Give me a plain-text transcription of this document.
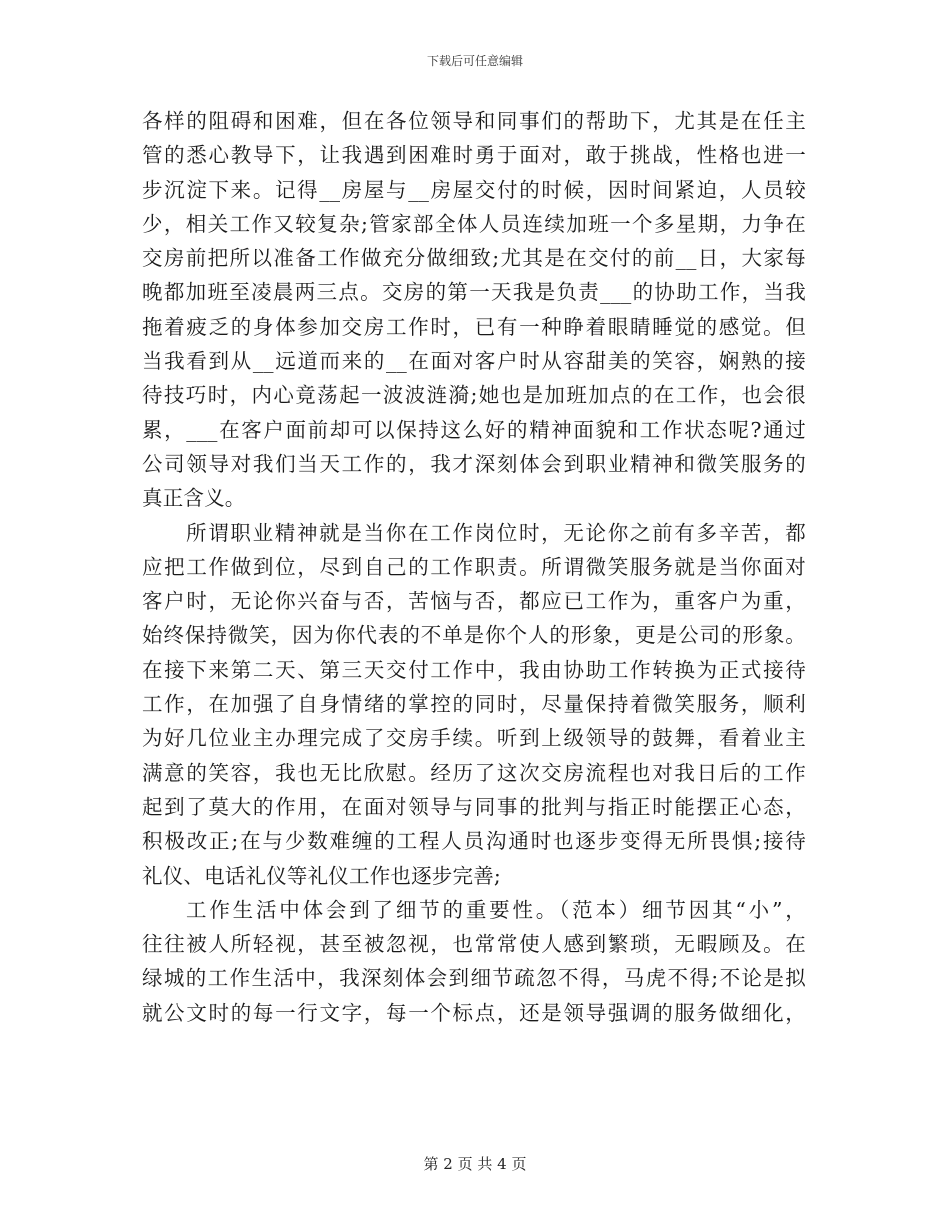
下载后可任意编辑
各样的阻碍和困难，但在各位领导和同事们的帮助下，尤其是在任主
管的悉心教导下，让我遇到困难时勇于面对，敢于挑战，性格也进一
步沉淀下来。记得__房屋与__房屋交付的时候，因时间紧迫，人员较
少，相关工作又较复杂;管家部全体人员连续加班一个多星期，力争在
交房前把所以准备工作做充分做细致;尤其是在交付的前__日，大家每
晚都加班至凌晨两三点。交房的第一天我是负责___的协助工作，当我
拖着疲乏的身体参加交房工作时，已有一种睁着眼睛睡觉的感觉。但
当我看到从__远道而来的__在面对客户时从容甜美的笑容，娴熟的接
待技巧时，内心竟荡起一波波涟漪;她也是加班加点的在工作，也会很
累，___在客户面前却可以保持这么好的精神面貌和工作状态呢?通过
公司领导对我们当天工作的，我才深刻体会到职业精神和微笑服务的
真正含义。
所谓职业精神就是当你在工作岗位时，无论你之前有多辛苦，都
应把工作做到位，尽到自己的工作职责。所谓微笑服务就是当你面对
客户时，无论你兴奋与否，苦恼与否，都应已工作为，重客户为重，
始终保持微笑，因为你代表的不单是你个人的形象，更是公司的形象。
在接下来第二天、第三天交付工作中，我由协助工作转换为正式接待
工作，在加强了自身情绪的掌控的同时，尽量保持着微笑服务，顺利
为好几位业主办理完成了交房手续。听到上级领导的鼓舞，看着业主
满意的笑容，我也无比欣慰。经历了这次交房流程也对我日后的工作
起到了莫大的作用，在面对领导与同事的批判与指正时能摆正心态，
积极改正;在与少数难缠的工程人员沟通时也逐步变得无所畏惧;接待
礼仪、电话礼仪等礼仪工作也逐步完善;
工作生活中体会到了细节的重要性。（范本）细节因其“小”，
往往被人所轻视，甚至被忽视，也常常使人感到繁琐，无暇顾及。在
绿城的工作生活中，我深刻体会到细节疏忽不得，马虎不得;不论是拟
就公文时的每一行文字，每一个标点，还是领导强调的服务做细化，
第 2 页 共 4 页
